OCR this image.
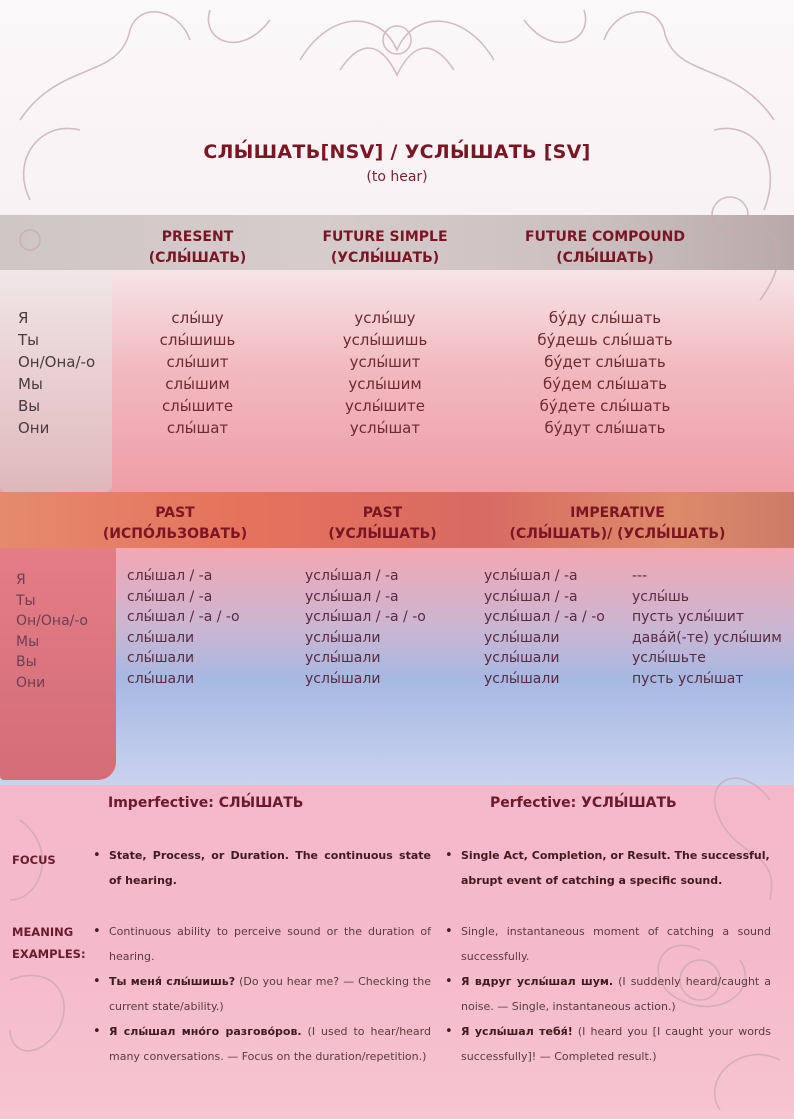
СЛЫ́ШАТЬ[NSV] / УСЛЫ́ШАТЬ [SV]
(to hear)
PRESENT
(СЛЫ́ШАТЬ)
FUTURE SIMPLE
(УСЛЫ́ШАТЬ)
FUTURE COMPOUND
(СЛЫ́ШАТЬ)
Я
Ты
Он/Она/-о
Мы
Вы
Они
слы́шу
слы́шишь
слы́шит
слы́шим
слы́шите
слы́шат
услы́шу
услы́шишь
услы́шит
услы́шим
услы́шите
услы́шат
бу́ду слы́шать
бу́дешь слы́шать
бу́дет слы́шать
бу́дем слы́шать
бу́дете слы́шать
бу́дут слы́шать
PAST
(ИСПО́ЛЬЗОВАТЬ)
PAST
(УСЛЫ́ШАТЬ)
IMPERATIVE
(СЛЫ́ШАТЬ)/ (УСЛЫ́ШАТЬ)
Я
Ты
Он/Она/-о
Мы
Вы
Они
слы́шал / -а
слы́шал / -а
слы́шал / -а / -о
слы́шали
слы́шали
слы́шали
услы́шал / -а
услы́шал / -а
услы́шал / -а / -о
услы́шали
услы́шали
услы́шали
услы́шал / -а
услы́шал / -а
услы́шал / -а / -о
услы́шали
услы́шали
услы́шали
---
услы́шь
пусть услы́шит
дава́й(-те) услы́шим
услы́шьте
пусть услы́шат
Imperfective: СЛЫ́ШАТЬ	Perfective: УСЛЫ́ШАТЬ
FOCUS
MEANING
EXAMPLES:
• State, Process, or Duration. The continuous state of hearing.
• Single Act, Completion, or Result. The successful, abrupt event of catching a specific sound.
• Continuous ability to perceive sound or the duration of hearing.
• Ты меня́ слы́шишь? (Do you hear me? — Checking the current state/ability.)
• Я слы́шал мно́го разгово́ров. (I used to hear/heard many conversations. — Focus on the duration/repetition.)
• Single, instantaneous moment of catching a sound successfully.
• Я вдруг услы́шал шум. (I suddenly heard/caught a noise. — Single, instantaneous action.)
• Я услы́шал тебя́! (I heard you [I caught your words successfully]! — Completed result.)
